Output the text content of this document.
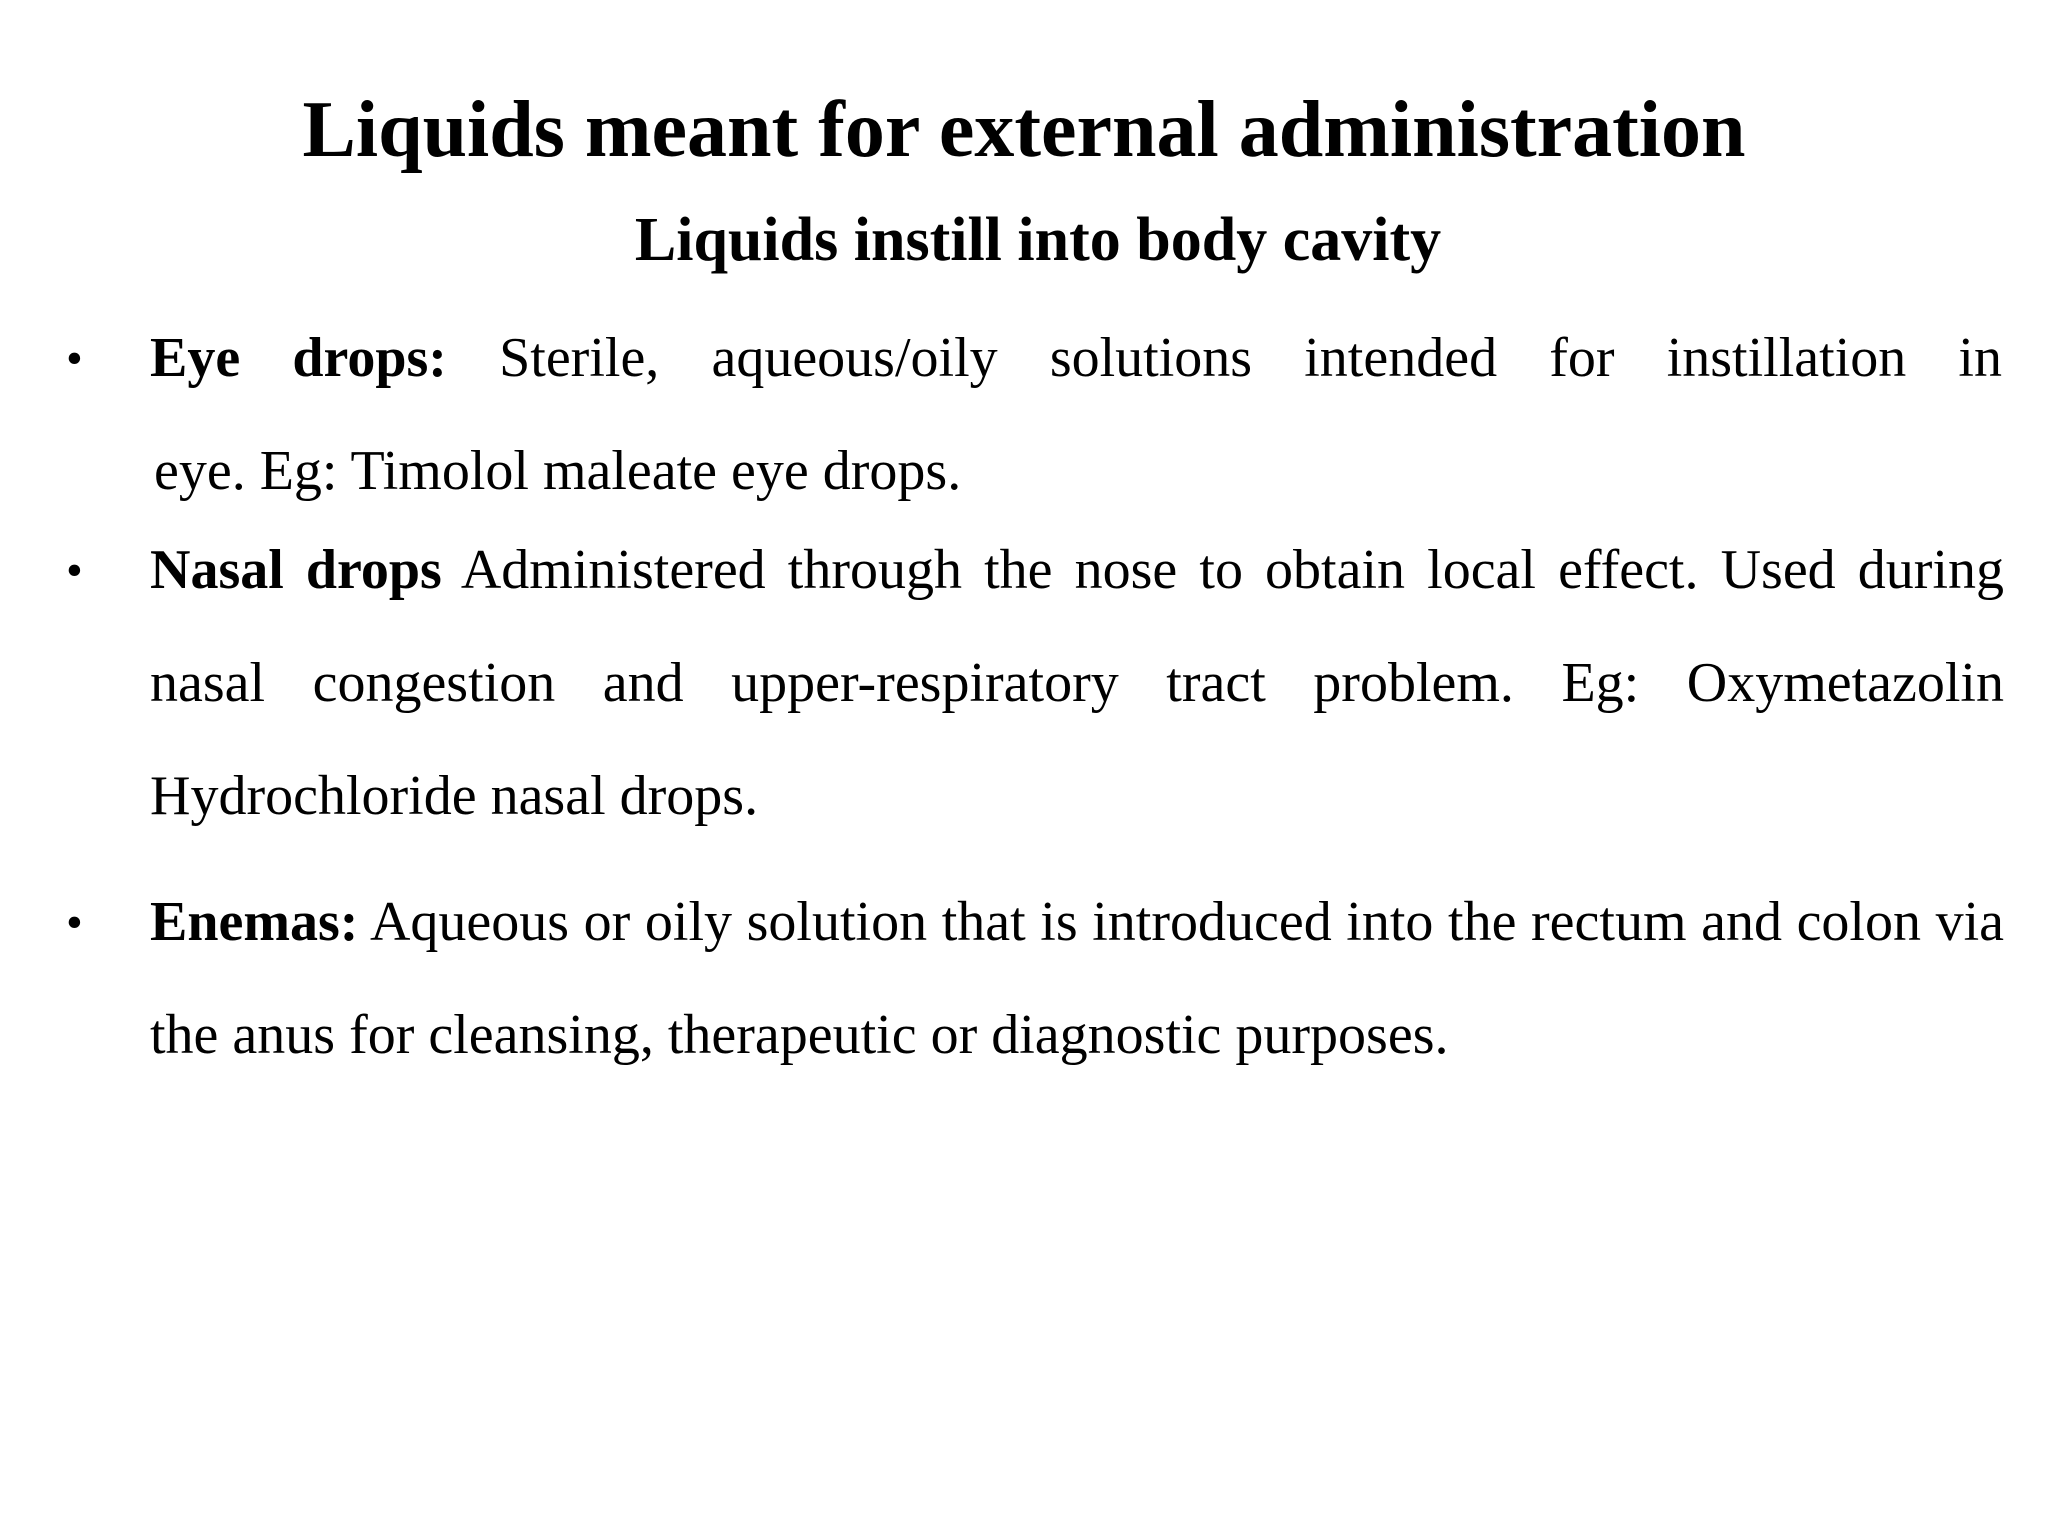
Liquids meant for external administration
Liquids instill into body cavity
• Eye drops: Sterile, aqueous/oily solutions intended for instillation in
eye. Eg: Timolol maleate eye drops.
• Nasal drops Administered through the nose to obtain local effect. Used during nasal congestion and upper-respiratory tract problem. Eg: Oxymetazolin Hydrochloride nasal drops.
• Enemas: Aqueous or oily solution that is introduced into the rectum and colon via the anus for cleansing, therapeutic or diagnostic purposes.
